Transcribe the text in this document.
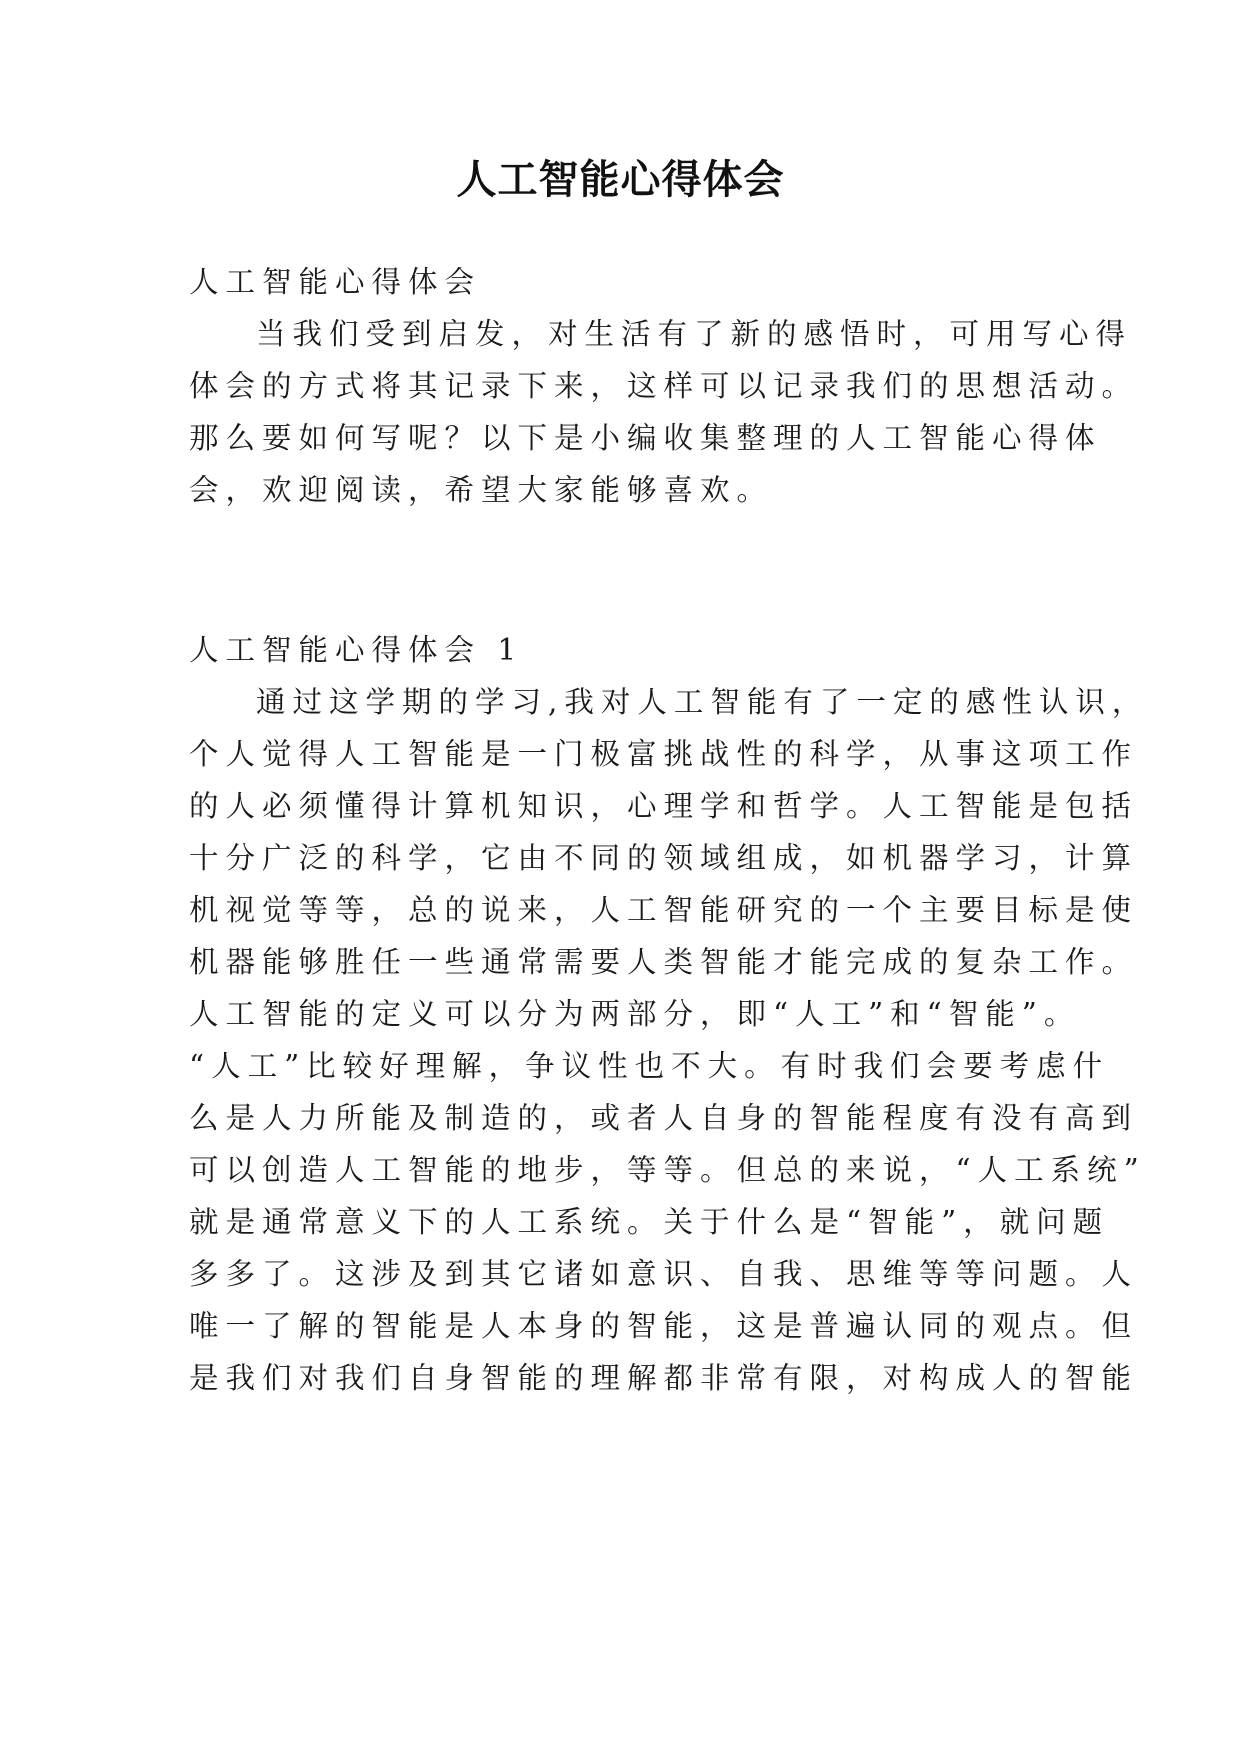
人工智能心得体会
人工智能心得体会
当我们受到启发，对生活有了新的感悟时，可用写心得
体会的方式将其记录下来，这样可以记录我们的思想活动。
那么要如何写呢？以下是小编收集整理的人工智能心得体
会，欢迎阅读，希望大家能够喜欢。
人工智能心得体会 1
通过这学期的学习,我对人工智能有了一定的感性认识，
个人觉得人工智能是一门极富挑战性的科学，从事这项工作
的人必须懂得计算机知识，心理学和哲学。人工智能是包括
十分广泛的科学，它由不同的领域组成，如机器学习，计算
机视觉等等，总的说来，人工智能研究的一个主要目标是使
机器能够胜任一些通常需要人类智能才能完成的复杂工作。
人工智能的定义可以分为两部分，即“人工”和“智能”。
“人工”比较好理解，争议性也不大。有时我们会要考虑什
么是人力所能及制造的，或者人自身的智能程度有没有高到
可以创造人工智能的地步，等等。但总的来说，“人工系统”
就是通常意义下的人工系统。关于什么是“智能”，就问题
多多了。这涉及到其它诸如意识、自我、思维等等问题。人
唯一了解的智能是人本身的智能，这是普遍认同的观点。但
是我们对我们自身智能的理解都非常有限，对构成人的智能
